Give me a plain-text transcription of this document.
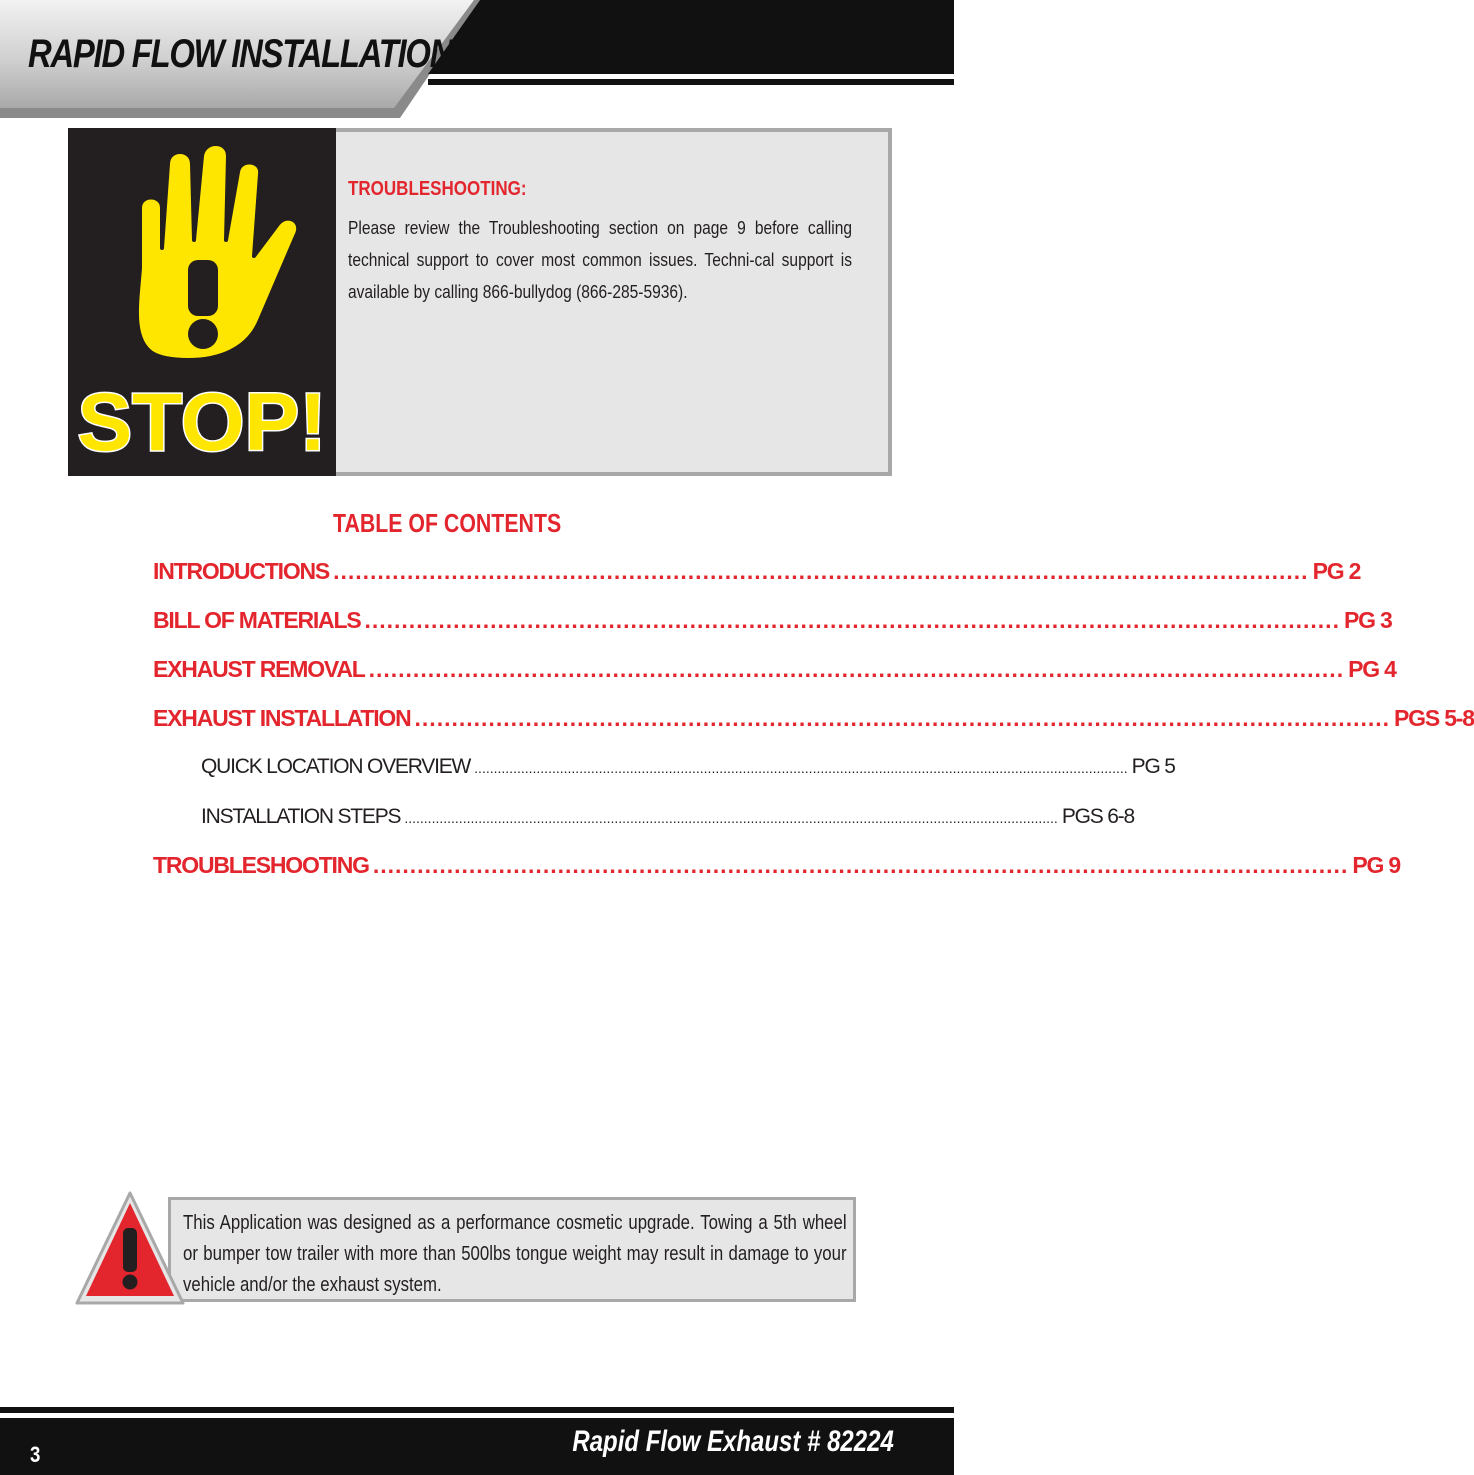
RAPID FLOW INSTALLATION
STOP!
TROUBLESHOOTING:
Please review the Troubleshooting section on page 9 before calling technical support to cover most common issues. Techni-cal support is available by calling 866-bullydog (866-285-5936).
TABLE OF CONTENTS
INTRODUCTIONS .................................................................................................................................... PG 2
BILL OF MATERIALS .................................................................................................................................... PG 3
EXHAUST REMOVAL .................................................................................................................................... PG 4
EXHAUST INSTALLATION .................................................................................................................................... PGS 5-8
QUICK LOCATION OVERVIEW ........................................................................................................................................................................ PG 5
INSTALLATION STEPS ........................................................................................................................................................................ PGS 6-8
TROUBLESHOOTING .................................................................................................................................... PG 9
This Application was designed as a performance cosmetic upgrade. Towing a 5th wheel or bumper tow trailer with more than 500lbs tongue weight may result in damage to your vehicle and/or the exhaust system.
3	Rapid Flow Exhaust # 82224
